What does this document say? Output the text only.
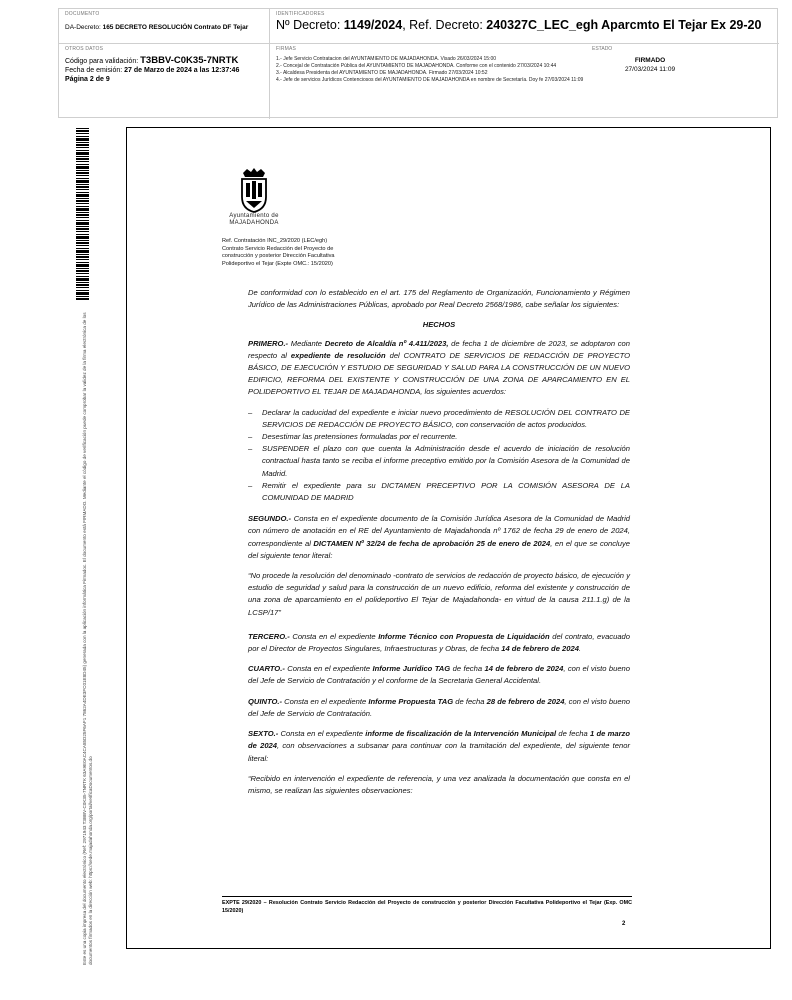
DOCUMENTO
DA-Decreto: 165 DECRETO RESOLUCIÓN Contrato DF Tejar
IDENTIFICADORES
Nº Decreto: 1149/2024, Ref. Decreto: 240327C_LEC_egh Aparcmto El Tejar Ex 29-20
OTROS DATOS
Código para validación: T3BBV-C0K35-7NRTK
Fecha de emisión: 27 de Marzo de 2024 a las 12:37:46
Página 2 de 9
FIRMAS
1.- Jefe Servicio Contratacion del AYUNTAMIENTO DE MAJADAHONDA. Visado 26/03/2024 15:00
2.- Concejal de Contratación Pública del AYUNTAMIENTO DE MAJADAHONDA. Conforme con el contenido 27/03/2024 10:44
3.- Alcaldesa Presidenta del AYUNTAMIENTO DE MAJADAHONDA. Firmado 27/03/2024 10:52
4.- Jefe de servicios Jurídicos Contenciosos del AYUNTAMIENTO DE MAJADAHONDA en nombre de Secretaría. Doy fe 27/03/2024 11:09
ESTADO
FIRMADO
27/03/2024 11:09
Este es una copia impresa del documento electrónico (Ref: 2971943 T3BBV-C0K35-7NRTK 63A9E0AC4CA85D25F6AF1 7862A4DE3FC01E8D45) generada con la aplicación informática Firmadoc. El documento está FIRMADO. Mediante el código de verificación puede comprobar la validez de la firma electrónica de los documentos firmados en la dirección web: https://sede.majadahonda.org/portal/verificaDocumentos.do
Ayuntamiento de
MAJADAHONDA
Ref. Contratación INC_29/2020 (LEC/egh)
Contrato Servicio Redacción del Proyecto de
construcción y posterior Dirección Facultativa
Polideportivo el Tejar (Expte OMC.: 15/2020)

De conformidad con lo establecido en el art. 175 del Reglamento de Organización, Funcionamiento y Régimen Jurídico de las Administraciones Públicas, aprobado por Real Decreto 2568/1986, cabe señalar los siguientes:

HECHOS

PRIMERO.- Mediante Decreto de Alcaldía nº 4.411/2023, de fecha 1 de diciembre de 2023, se adoptaron con respecto al expediente de resolución del CONTRATO DE SERVICIOS DE REDACCIÓN DE PROYECTO BÁSICO, DE EJECUCIÓN Y ESTUDIO DE SEGURIDAD Y SALUD PARA LA CONSTRUCCIÓN DE UN NUEVO EDIFICIO, REFORMA DEL EXISTENTE Y CONSTRUCCIÓN DE UNA ZONA DE APARCAMIENTO EN EL POLIDEPORTIVO EL TEJAR DE MAJADAHONDA, los siguientes acuerdos:

– Declarar la caducidad del expediente e iniciar nuevo procedimiento de RESOLUCIÓN DEL CONTRATO DE SERVICIOS DE REDACCIÓN DE PROYECTO BÁSICO, con conservación de actos producidos.
– Desestimar las pretensiones formuladas por el recurrente.
– SUSPENDER el plazo con que cuenta la Administración desde el acuerdo de iniciación de resolución contractual hasta tanto se reciba el informe preceptivo emitido por la Comisión Asesora de la Comunidad de Madrid.
– Remitir el expediente para su DICTAMEN PRECEPTIVO POR LA COMISIÓN ASESORA DE LA COMUNIDAD DE MADRID

SEGUNDO.- Consta en el expediente documento de la Comisión Jurídica Asesora de la Comunidad de Madrid con número de anotación en el RE del Ayuntamiento de Majadahonda nº 1762 de fecha 29 de enero de 2024, correspondiente al DICTAMEN Nº 32/24 de fecha de aprobación 25 de enero de 2024, en el que se concluye del siguiente tenor literal:

“No procede la resolución del denominado -contrato de servicios de redacción de proyecto básico, de ejecución y estudio de seguridad y salud para la construcción de un nuevo edificio, reforma del existente y construcción de una zona de aparcamiento en el polideportivo El Tejar de Majadahonda- en virtud de la causa 211.1.g) de la LCSP/17”

TERCERO.- Consta en el expediente Informe Técnico con Propuesta de Liquidación del contrato, evacuado por el Director de Proyectos Singulares, Infraestructuras y Obras, de fecha 14 de febrero de 2024.

CUARTO.- Consta en el expediente Informe Jurídico TAG de fecha 14 de febrero de 2024, con el visto bueno del Jefe de Servicio de Contratación y el conforme de la Secretaria General Accidental.

QUINTO.- Consta en el expediente Informe Propuesta TAG de fecha 28 de febrero de 2024, con el visto bueno del Jefe de Servicio de Contratación.

SEXTO.- Consta en el expediente informe de fiscalización de la Intervención Municipal de fecha 1 de marzo de 2024, con observaciones a subsanar para continuar con la tramitación del expediente, del siguiente tenor literal:

“Recibido en intervención el expediente de referencia, y una vez analizada la documentación que consta en el mismo, se realizan las siguientes observaciones:

EXPTE 29/2020 – Resolución Contrato Servicio Redacción del Proyecto de construcción y posterior Dirección Facultativa Polideportivo el Tejar (Exp. OMC 15/2020)
2
